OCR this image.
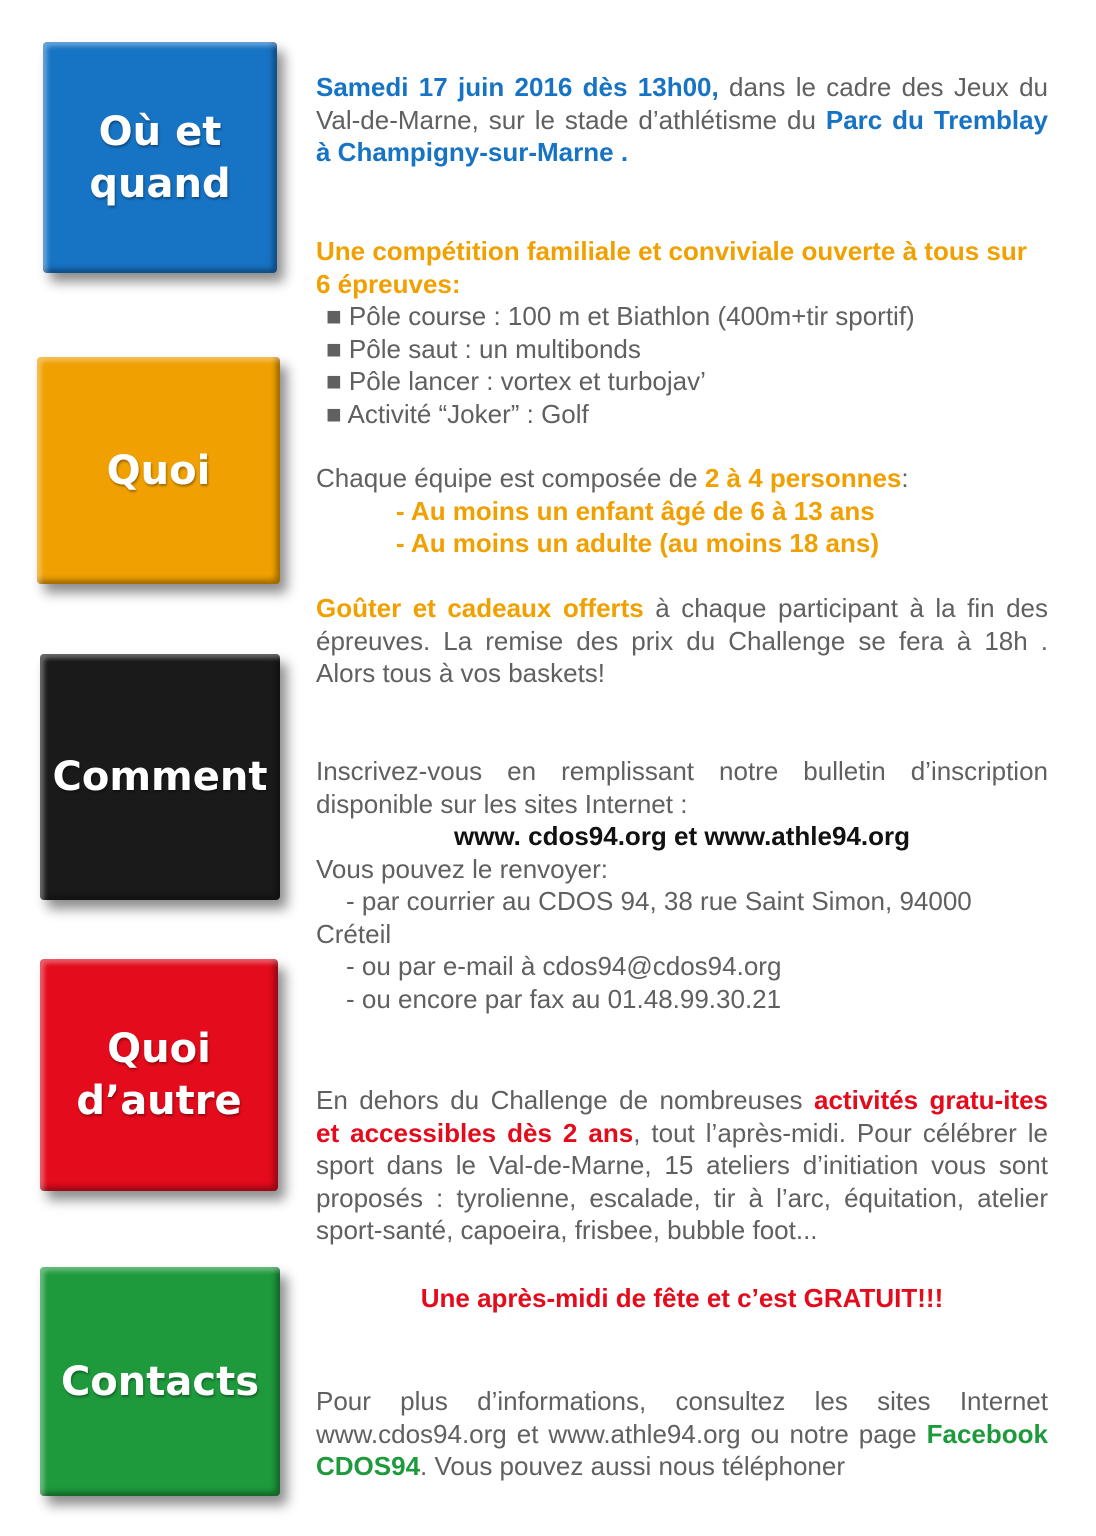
Où et
quand
Quoi
Comment
Quoi
d’autre
Contacts
Samedi 17 juin 2016 dès 13h00, dans le cadre des Jeux du Val-de-Marne, sur le stade d’athlétisme du Parc du Tremblay à Champigny-sur-Marne .
Une compétition familiale et conviviale ouverte à tous sur 6 épreuves:
■ Pôle course : 100 m et Biathlon (400m+tir sportif)
■ Pôle saut : un multibonds
■ Pôle lancer : vortex et turbojav’
■ Activité “Joker” : Golf
Chaque équipe est composée de 2 à 4 personnes:
- Au moins un enfant âgé de 6 à 13 ans
- Au moins un adulte (au moins 18 ans)
Goûter et cadeaux offerts à chaque participant à la fin des épreuves. La remise des prix du Challenge se fera à 18h . Alors tous à vos baskets!
Inscrivez-vous en remplissant notre bulletin d’inscription disponible sur les sites Internet :
www. cdos94.org et www.athle94.org
Vous pouvez le renvoyer:
- par courrier au CDOS 94, 38 rue Saint Simon, 94000
Créteil
- ou par e-mail à cdos94@cdos94.org
- ou encore par fax au 01.48.99.30.21
En dehors du Challenge de nombreuses activités gratu-ites et accessibles dès 2 ans, tout l’après-midi. Pour célébrer le sport dans le Val-de-Marne, 15 ateliers d’initiation vous sont proposés : tyrolienne, escalade, tir à l’arc, équitation, atelier sport-santé, capoeira, frisbee, bubble foot...
Une après-midi de fête et c’est GRATUIT!!!
Pour plus d’informations, consultez les sites Internet www.cdos94.org et www.athle94.org ou notre page Facebook CDOS94. Vous pouvez aussi nous téléphoner
